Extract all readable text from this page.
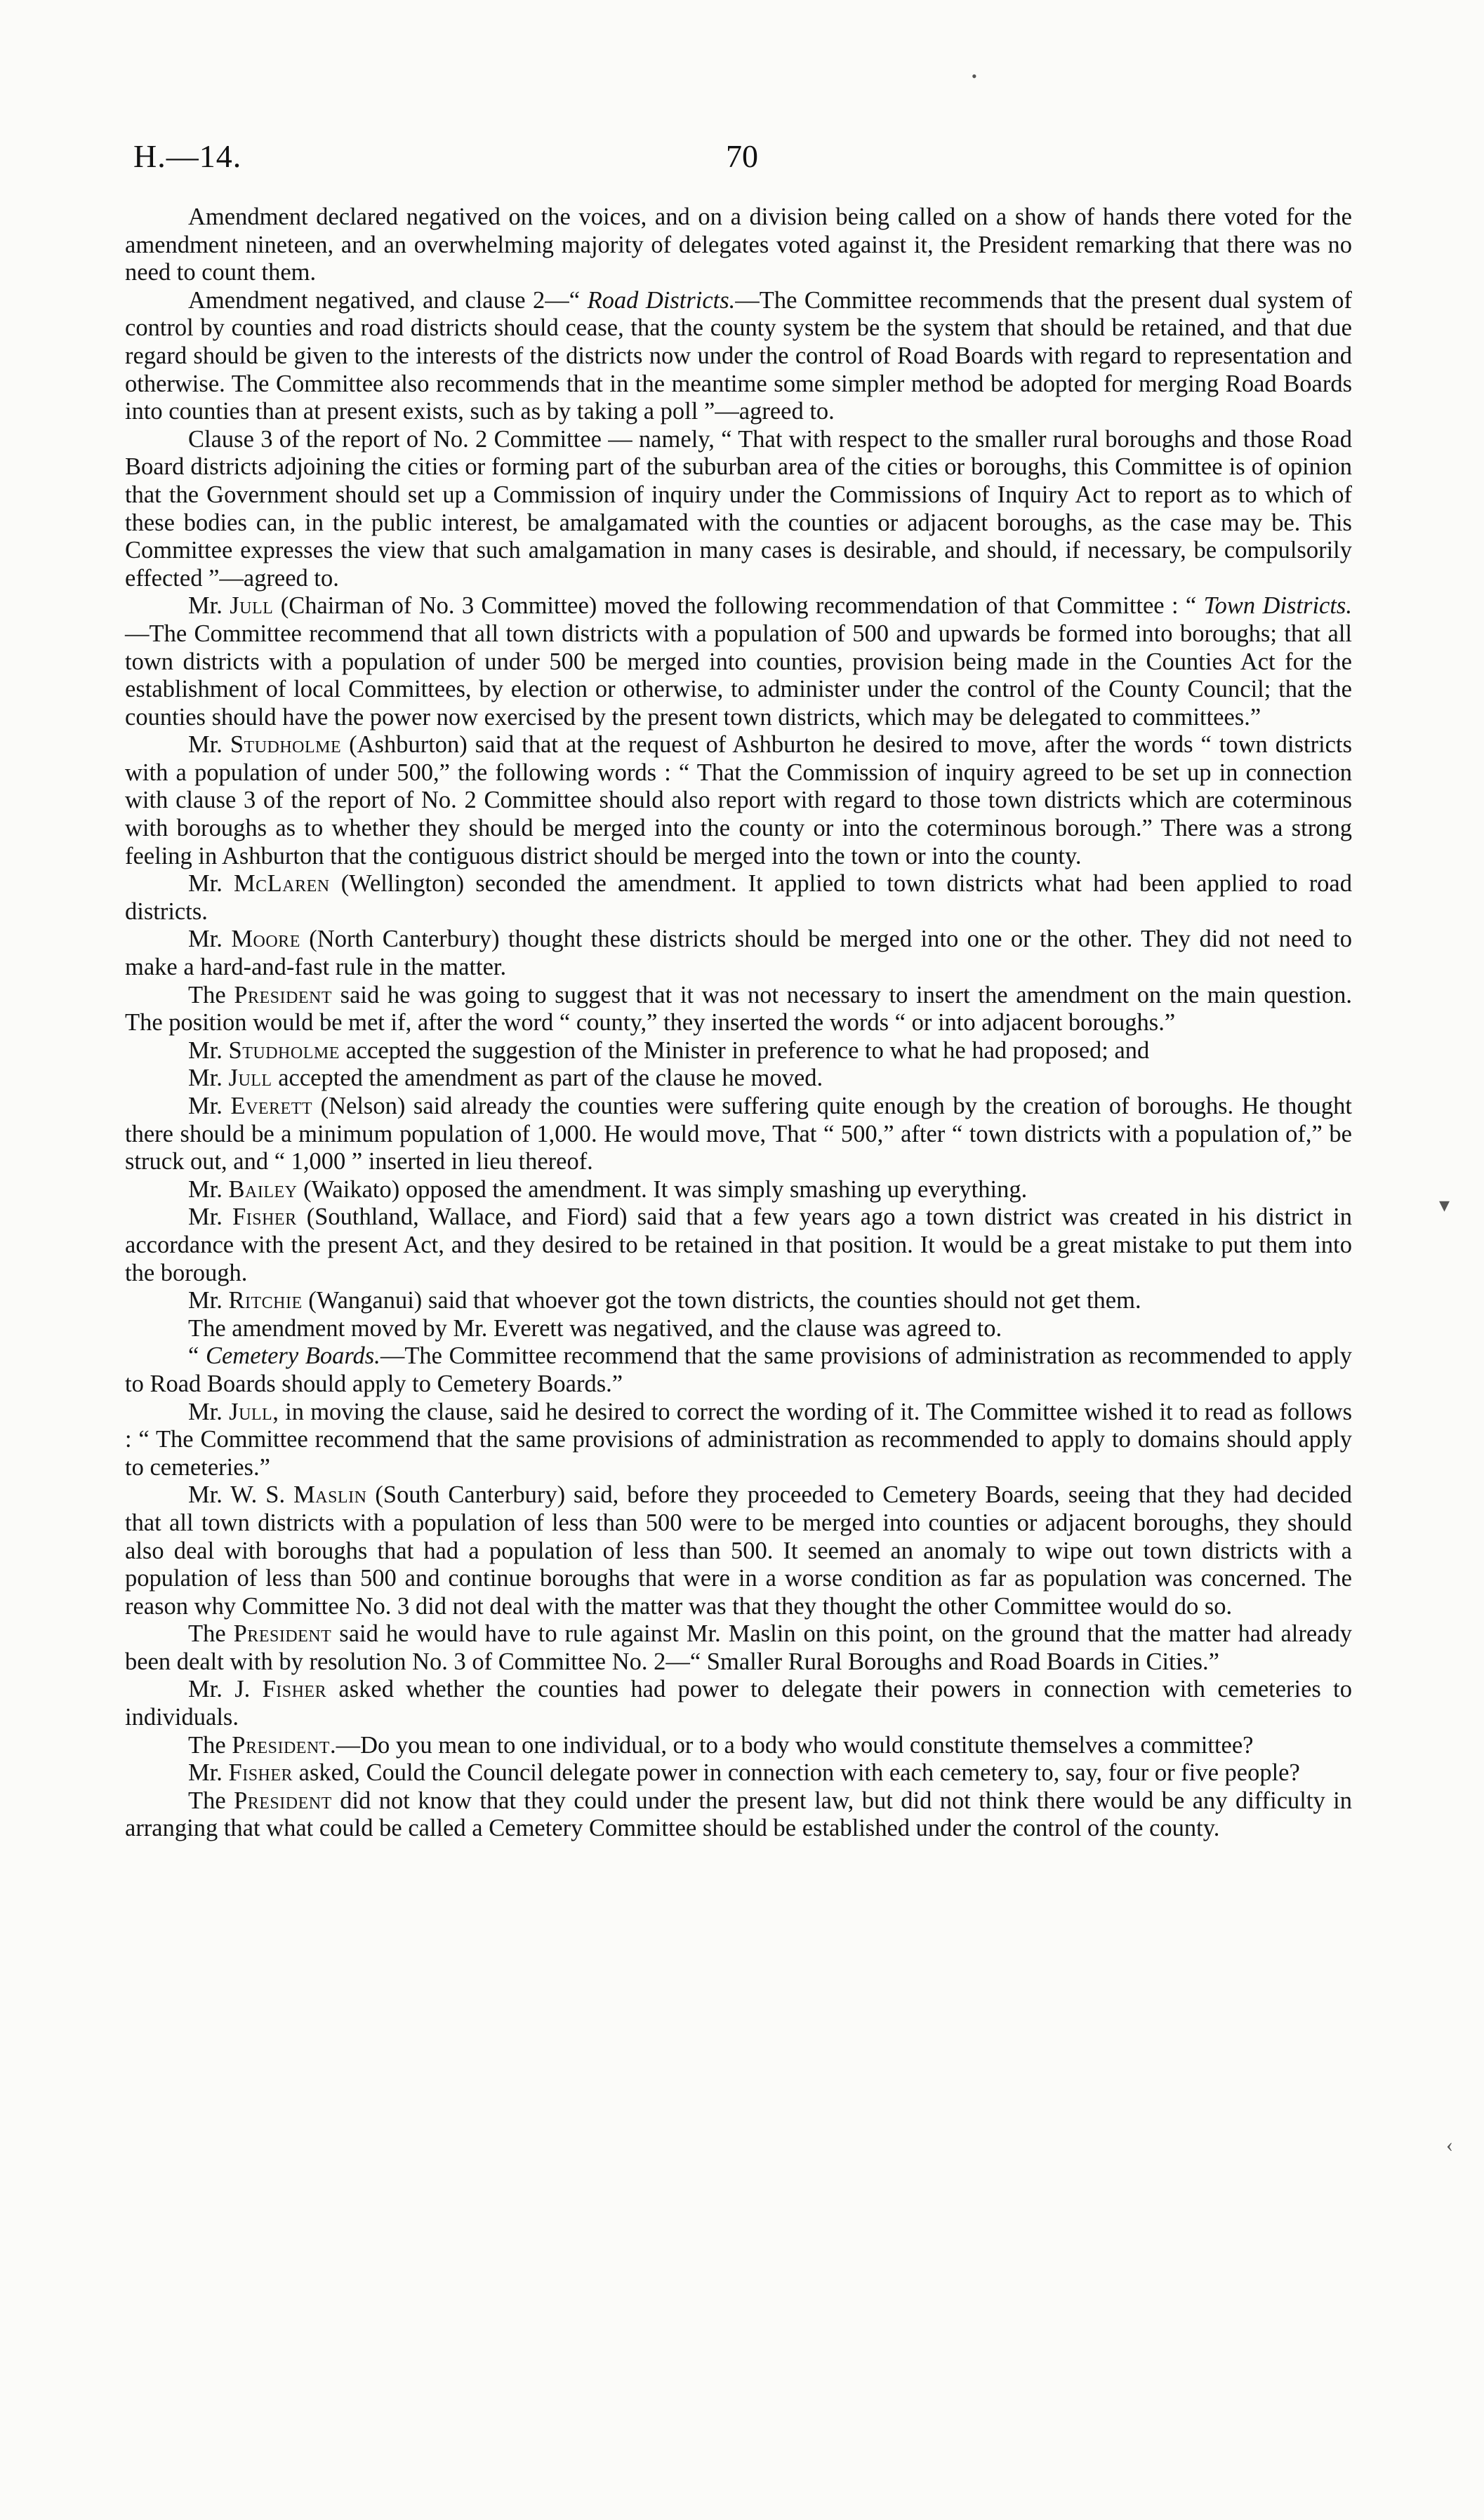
H.—14.	70

Amendment declared negatived on the voices, and on a division being called on a show of hands there voted for the amendment nineteen, and an overwhelming majority of delegates voted against it, the President remarking that there was no need to count them.

Amendment negatived, and clause 2—“ Road Districts.—The Committee recommends that the present dual system of control by counties and road districts should cease, that the county system be the system that should be retained, and that due regard should be given to the interests of the districts now under the control of Road Boards with regard to representation and otherwise. The Committee also recommends that in the meantime some simpler method be adopted for merging Road Boards into counties than at present exists, such as by taking a poll ”—agreed to.

Clause 3 of the report of No. 2 Committee — namely, “ That with respect to the smaller rural boroughs and those Road Board districts adjoining the cities or forming part of the suburban area of the cities or boroughs, this Committee is of opinion that the Government should set up a Commission of inquiry under the Commissions of Inquiry Act to report as to which of these bodies can, in the public interest, be amalgamated with the counties or adjacent boroughs, as the case may be. This Committee expresses the view that such amalgamation in many cases is desirable, and should, if necessary, be compulsorily effected ”—agreed to.

Mr. Jull (Chairman of No. 3 Committee) moved the following recommendation of that Committee : “ Town Districts.—The Committee recommend that all town districts with a population of 500 and upwards be formed into boroughs; that all town districts with a population of under 500 be merged into counties, provision being made in the Counties Act for the establishment of local Committees, by election or otherwise, to administer under the control of the County Council; that the counties should have the power now exercised by the present town districts, which may be delegated to committees.”

Mr. Studholme (Ashburton) said that at the request of Ashburton he desired to move, after the words “ town districts with a population of under 500,” the following words : “ That the Commission of inquiry agreed to be set up in connection with clause 3 of the report of No. 2 Committee should also report with regard to those town districts which are coterminous with boroughs as to whether they should be merged into the county or into the coterminous borough.” There was a strong feeling in Ashburton that the contiguous district should be merged into the town or into the county.

Mr. McLaren (Wellington) seconded the amendment. It applied to town districts what had been applied to road districts.

Mr. Moore (North Canterbury) thought these districts should be merged into one or the other. They did not need to make a hard-and-fast rule in the matter.

The President said he was going to suggest that it was not necessary to insert the amendment on the main question. The position would be met if, after the word “ county,” they inserted the words “ or into adjacent boroughs.”

Mr. Studholme accepted the suggestion of the Minister in preference to what he had proposed; and

Mr. Jull accepted the amendment as part of the clause he moved.

Mr. Everett (Nelson) said already the counties were suffering quite enough by the creation of boroughs. He thought there should be a minimum population of 1,000. He would move, That “ 500,” after “ town districts with a population of,” be struck out, and “ 1,000 ” inserted in lieu thereof.

Mr. Bailey (Waikato) opposed the amendment. It was simply smashing up everything.

Mr. Fisher (Southland, Wallace, and Fiord) said that a few years ago a town district was created in his district in accordance with the present Act, and they desired to be retained in that position. It would be a great mistake to put them into the borough.

Mr. Ritchie (Wanganui) said that whoever got the town districts, the counties should not get them.

The amendment moved by Mr. Everett was negatived, and the clause was agreed to.

“ Cemetery Boards.—The Committee recommend that the same provisions of administration as recommended to apply to Road Boards should apply to Cemetery Boards.”

Mr. Jull, in moving the clause, said he desired to correct the wording of it. The Committee wished it to read as follows : “ The Committee recommend that the same provisions of administration as recommended to apply to domains should apply to cemeteries.”

Mr. W. S. Maslin (South Canterbury) said, before they proceeded to Cemetery Boards, seeing that they had decided that all town districts with a population of less than 500 were to be merged into counties or adjacent boroughs, they should also deal with boroughs that had a population of less than 500. It seemed an anomaly to wipe out town districts with a population of less than 500 and continue boroughs that were in a worse condition as far as population was concerned. The reason why Committee No. 3 did not deal with the matter was that they thought the other Committee would do so.

The President said he would have to rule against Mr. Maslin on this point, on the ground that the matter had already been dealt with by resolution No. 3 of Committee No. 2—“ Smaller Rural Boroughs and Road Boards in Cities.”

Mr. J. Fisher asked whether the counties had power to delegate their powers in connection with cemeteries to individuals.

The President.—Do you mean to one individual, or to a body who would constitute themselves a committee?

Mr. Fisher asked, Could the Council delegate power in connection with each cemetery to, say, four or five people?

The President did not know that they could under the present law, but did not think there would be any difficulty in arranging that what could be called a Cemetery Committee should be established under the control of the county.

•
▾
‹
